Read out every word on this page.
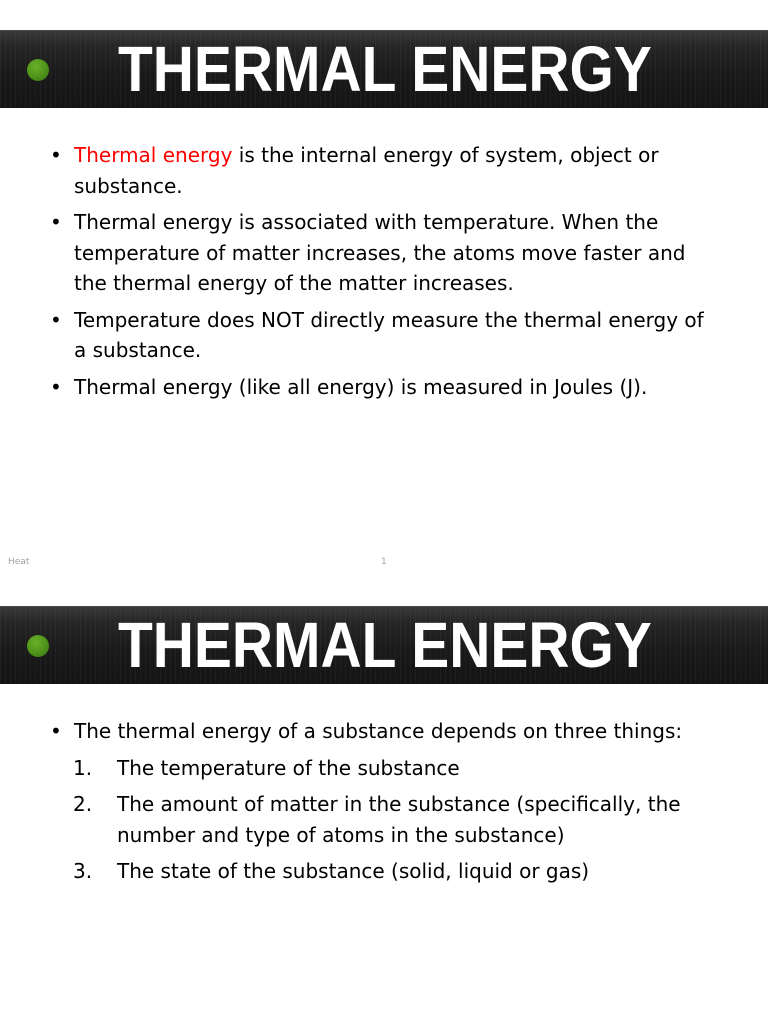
THERMAL ENERGY
• Thermal energy is the internal energy of system, object or substance.
• Thermal energy is associated with temperature. When the temperature of matter increases, the atoms move faster and the thermal energy of the matter increases.
• Temperature does NOT directly measure the thermal energy of a substance.
• Thermal energy (like all energy) is measured in Joules (J).
Heat	1
THERMAL ENERGY
• The thermal energy of a substance depends on three things:
1. The temperature of the substance
2. The amount of matter in the substance (specifically, the number and type of atoms in the substance)
3. The state of the substance (solid, liquid or gas)
